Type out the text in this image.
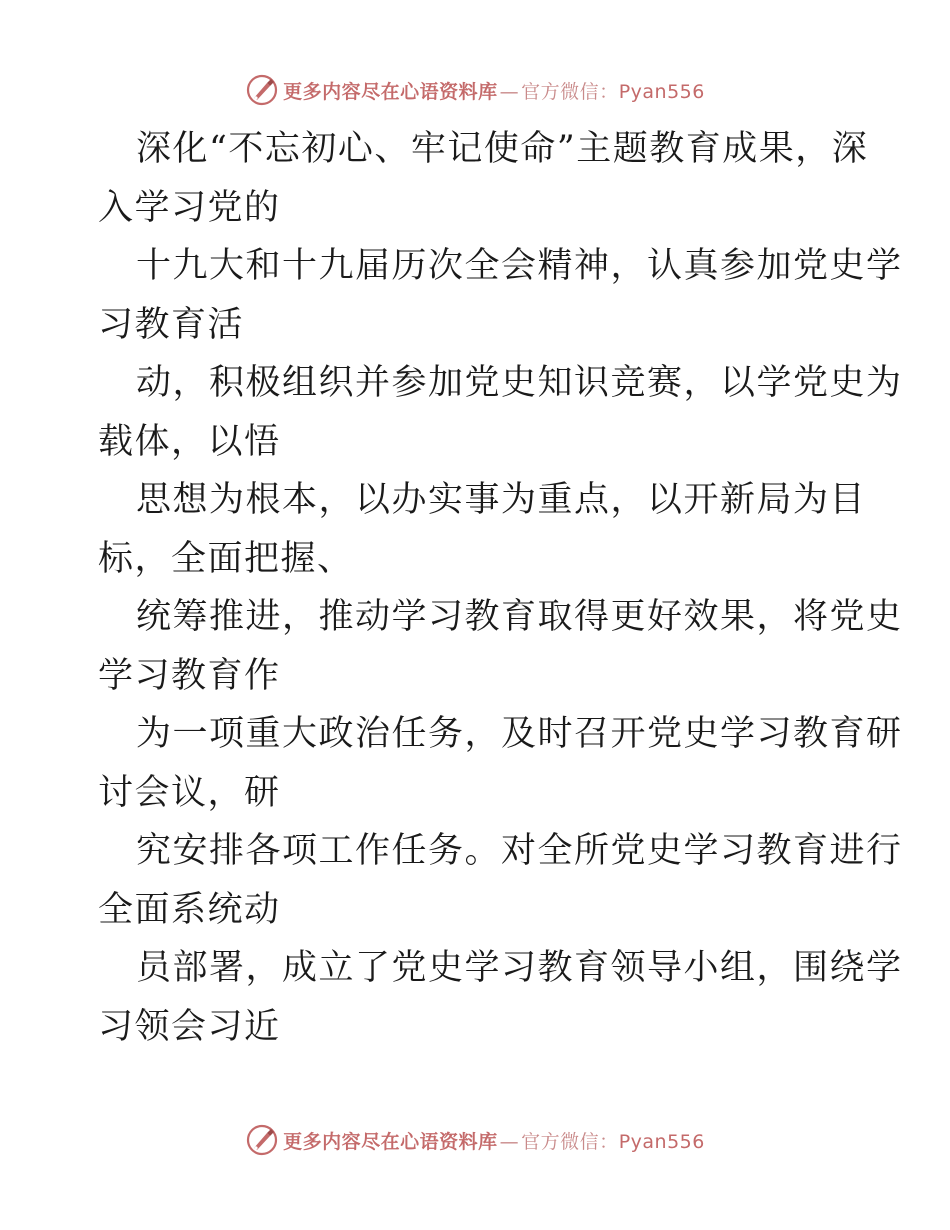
更多内容尽在心语资料库 — 官方微信：Pyan556
深化“不忘初心、牢记使命”主题教育成果，深
入学习党的
十九大和十九届历次全会精神，认真参加党史学
习教育活
动，积极组织并参加党史知识竞赛，以学党史为
载体，以悟
思想为根本，以办实事为重点，以开新局为目
标，全面把握、
统筹推进，推动学习教育取得更好效果，将党史
学习教育作
为一项重大政治任务，及时召开党史学习教育研
讨会议，研
究安排各项工作任务。对全所党史学习教育进行
全面系统动
员部署，成立了党史学习教育领导小组，围绕学
习领会习近
更多内容尽在心语资料库 — 官方微信：Pyan556
